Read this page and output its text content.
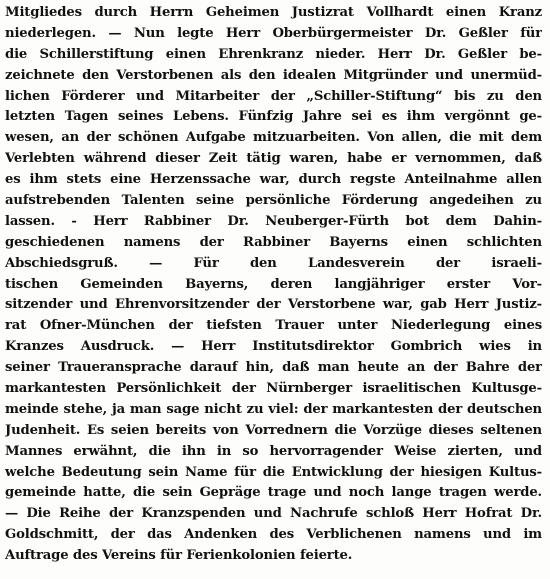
Mitgliedes durch Herrn Geheimen Justizrat Vollhardt einen Kranz
niederlegen. — Nun legte Herr Oberbürgermeister Dr. Geßler für
die Schillerstiftung einen Ehrenkranz nieder. Herr Dr. Geßler be-
zeichnete den Verstorbenen als den idealen Mitgründer und unermüd-
lichen Förderer und Mitarbeiter der „Schiller-Stiftung“ bis zu den
letzten Tagen seines Lebens. Fünfzig Jahre sei es ihm vergönnt ge-
wesen, an der schönen Aufgabe mitzuarbeiten. Von allen, die mit dem
Verlebten während dieser Zeit tätig waren, habe er vernommen, daß
es ihm stets eine Herzenssache war, durch regste Anteilnahme allen
aufstrebenden Talenten seine persönliche Förderung angedeihen zu
lassen. - Herr Rabbiner Dr. Neuberger-Fürth bot dem Dahin-
geschiedenen namens der Rabbiner Bayerns einen schlichten
Abschiedsgruß. — Für den Landesverein der israeli-
tischen Gemeinden Bayerns, deren langjähriger erster Vor-
sitzender und Ehrenvorsitzender der Verstorbene war, gab Herr Justiz-
rat Ofner-München der tiefsten Trauer unter Niederlegung eines
Kranzes Ausdruck. — Herr Institutsdirektor Gombrich wies in
seiner Traueransprache darauf hin, daß man heute an der Bahre der
markantesten Persönlichkeit der Nürnberger israelitischen Kultusge-
meinde stehe, ja man sage nicht zu viel: der markantesten der deutschen
Judenheit. Es seien bereits von Vorrednern die Vorzüge dieses seltenen
Mannes erwähnt, die ihn in so hervorragender Weise zierten, und
welche Bedeutung sein Name für die Entwicklung der hiesigen Kultus-
gemeinde hatte, die sein Gepräge trage und noch lange tragen werde.
— Die Reihe der Kranzspenden und Nachrufe schloß Herr Hofrat Dr.
Goldschmitt, der das Andenken des Verblichenen namens und im
Auftrage des Vereins für Ferienkolonien feierte.
